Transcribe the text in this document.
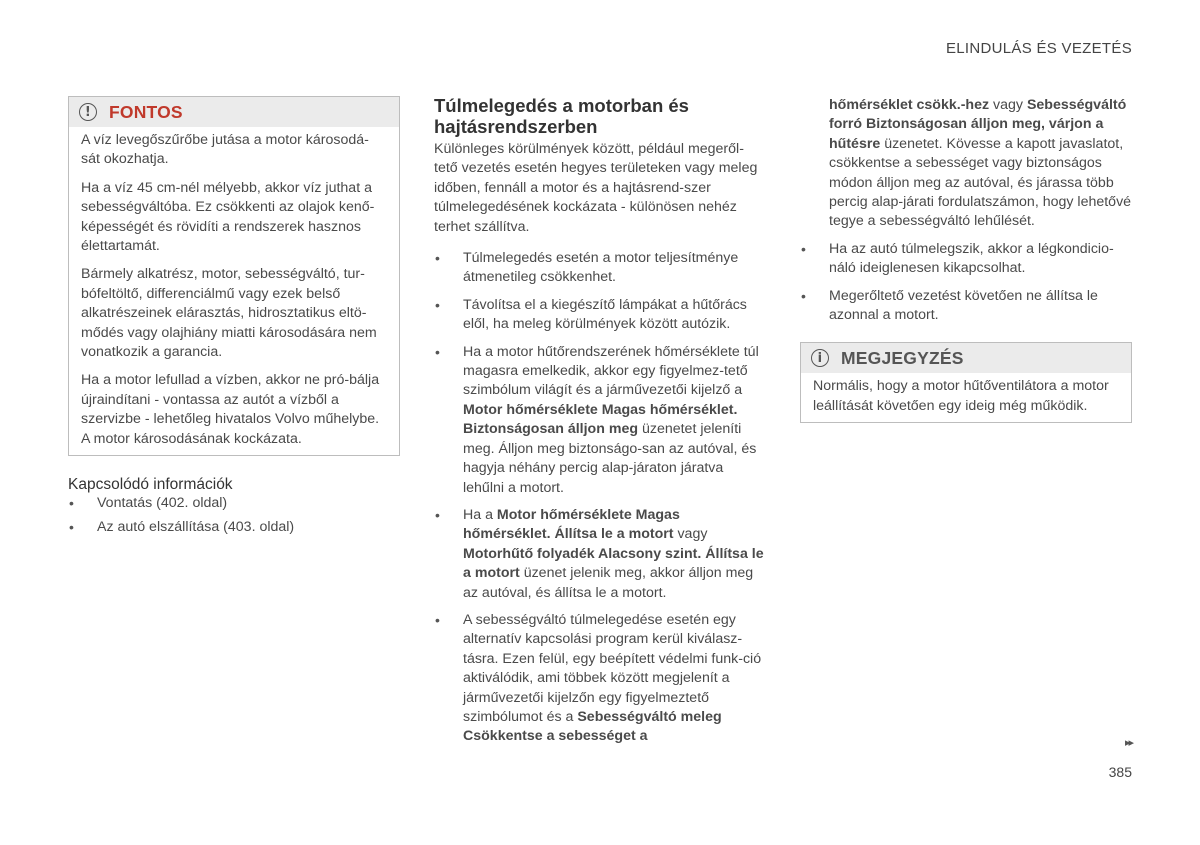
ELINDULÁS ÉS VEZETÉS
!	FONTOS

A víz levegőszűrőbe jutása a motor károsodá-sát okozhatja.

Ha a víz 45 cm-nél mélyebb, akkor víz juthat a sebességváltóba. Ez csökkenti az olajok kenő-képességét és rövidíti a rendszerek hasznos élettartamát.

Bármely alkatrész, motor, sebességváltó, tur-bófeltöltő, differenciálmű vagy ezek belső alkatrészeinek elárasztás, hidrosztatikus eltö-mődés vagy olajhiány miatti károsodására nem vonatkozik a garancia.

Ha a motor lefullad a vízben, akkor ne pró-bálja újraindítani - vontassa az autót a vízből a szervizbe - lehetőleg hivatalos Volvo műhelybe. A motor károsodásának kockázata.

Kapcsolódó információk
• Vontatás (402. oldal)
• Az autó elszállítása (403. oldal)
Túlmelegedés a motorban és hajtásrendszerben

Különleges körülmények között, például megeről-tető vezetés esetén hegyes területeken vagy meleg időben, fennáll a motor és a hajtásrend-szer túlmelegedésének kockázata - különösen nehéz terhet szállítva.

• Túlmelegedés esetén a motor teljesítménye átmenetileg csökkenhet.
• Távolítsa el a kiegészítő lámpákat a hűtőrács elől, ha meleg körülmények között autózik.
• Ha a motor hűtőrendszerének hőmérséklete túl magasra emelkedik, akkor egy figyelmez-tető szimbólum világít és a járművezetői kijelző a Motor hőmérséklete Magas hőmérséklet. Biztonságosan álljon meg üzenetet jeleníti meg. Álljon meg biztonságo-san az autóval, és hagyja néhány percig alap-járaton járatva lehűlni a motort.
• Ha a Motor hőmérséklete Magas hőmérséklet. Állítsa le a motort vagy Motorhűtő folyadék Alacsony szint. Állítsa le a motort üzenet jelenik meg, akkor álljon meg az autóval, és állítsa le a motort.
• A sebességváltó túlmelegedése esetén egy alternatív kapcsolási program kerül kiválasz-tásra. Ezen felül, egy beépített védelmi funk-ció aktiválódik, ami többek között megjelenít a járművezetői kijelzőn egy figyelmeztető szimbólumot és a Sebességváltó meleg Csökkentse a sebességet a

hőmérséklet csökk.-hez vagy Sebességváltó forró Biztonságosan álljon meg, várjon a hűtésre üzenetet. Kövesse a kapott javaslatot, csökkentse a sebességet vagy biztonságos módon álljon meg az autóval, és járassa több percig alap-járati fordulatszámon, hogy lehetővé tegye a sebességváltó lehűlését.

• Ha az autó túlmelegszik, akkor a légkondicio-náló ideiglenesen kikapcsolhat.
• Megerőltető vezetést követően ne állítsa le azonnal a motort.
i	MEGJEGYZÉS

Normális, hogy a motor hűtőventilátora a motor leállítását követően egy ideig még működik.

▸▸
385
